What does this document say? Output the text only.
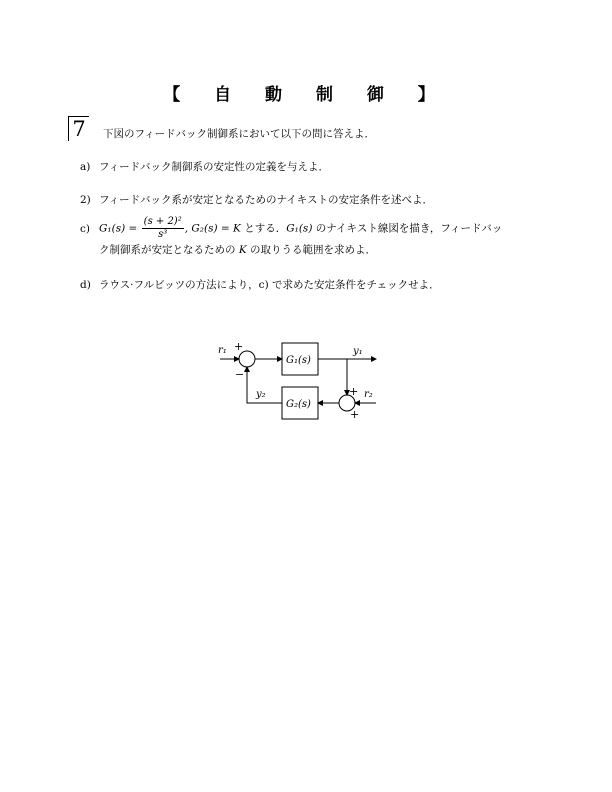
【 自 動 制 御 】
7	下図のフィードバック制御系において以下の問に答えよ．
a) フィードバック制御系の安定性の定義を与えよ．
2) フィードバック系が安定となるためのナイキストの安定条件を述べよ．
c) $G_1(s) = \frac{\text{(s + 2)²}}{\text{s³}}$ , G₂(s) = K とする．G₁(s) のナイキスト線図を描き，フィードバッ
ク制御系が安定となるための K の取りうる範囲を求めよ．
d) ラウス·フルビッツの方法により，c) で求めた安定条件をチェックせよ．
r₁ +
−
G₁(s)
y₁
y₂
G₂(s)
+
+
r₂
